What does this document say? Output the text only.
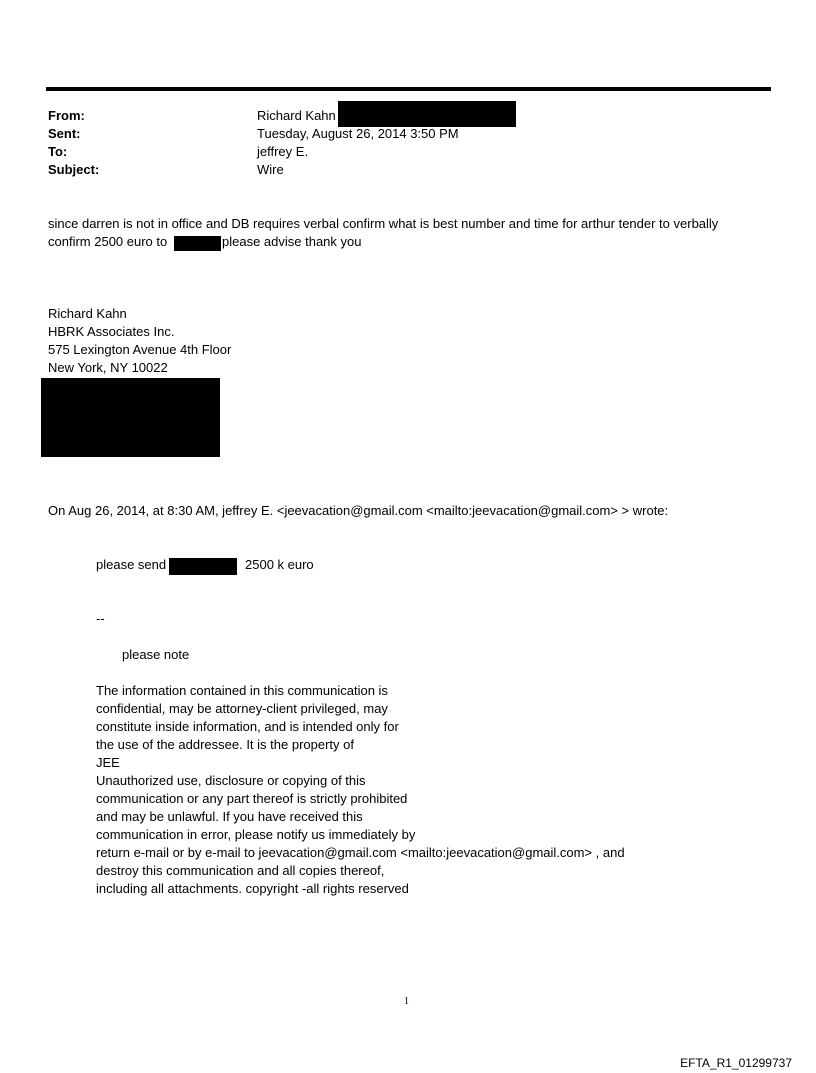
From:	Richard Kahn
Sent:	Tuesday, August 26, 2014 3:50 PM
To:	jeffrey E.
Subject:	Wire
since darren is not in office and DB requires verbal confirm what is best number and time for arthur tender to verbally
confirm 2500 euro to	please advise thank you
Richard Kahn
HBRK Associates Inc.
575 Lexington Avenue 4th Floor
New York, NY 10022
On Aug 26, 2014, at 8:30 AM, jeffrey E. <jeevacation@gmail.com <mailto:jeevacation@gmail.com> > wrote:
please send	2500 k euro
--
please note
The information contained in this communication is
confidential, may be attorney-client privileged, may
constitute inside information, and is intended only for
the use of the addressee. It is the property of
JEE
Unauthorized use, disclosure or copying of this
communication or any part thereof is strictly prohibited
and may be unlawful. If you have received this
communication in error, please notify us immediately by
return e-mail or by e-mail to jeevacation@gmail.com <mailto:jeevacation@gmail.com> , and
destroy this communication and all copies thereof,
including all attachments. copyright -all rights reserved
1
EFTA_R1_01299737
